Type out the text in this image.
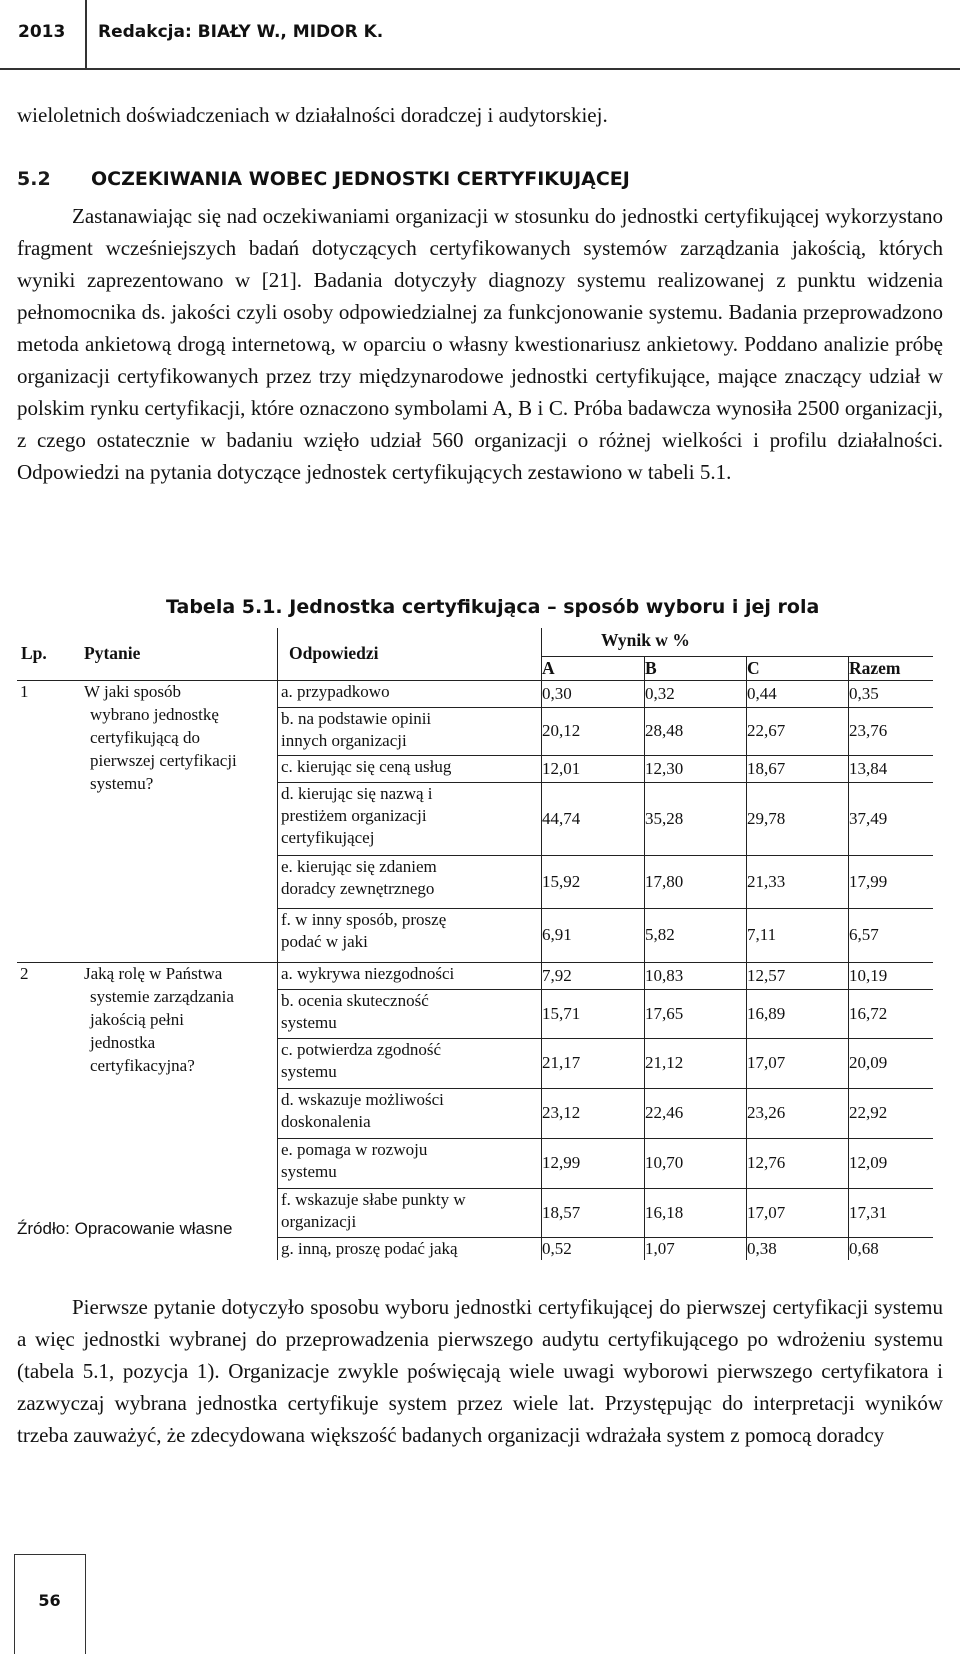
2013 Redakcja: BIAŁY W., MIDOR K.

wieloletnich doświadczeniach w działalności doradczej i audytorskiej.

5.2 OCZEKIWANIA WOBEC JEDNOSTKI CERTYFIKUJĄCEJ

Zastanawiając się nad oczekiwaniami organizacji w stosunku do jednostki certyfikującej wykorzystano fragment wcześniejszych badań dotyczących certyfikowanych systemów zarządzania jakością, których wyniki zaprezentowano w [21]. Badania dotyczyły diagnozy systemu realizowanej z punktu widzenia pełnomocnika ds. jakości czyli osoby odpowiedzialnej za funkcjonowanie systemu. Badania przeprowadzono metoda ankietową drogą internetową, w oparciu o własny kwestionariusz ankietowy. Poddano analizie próbę organizacji certyfikowanych przez trzy międzynarodowe jednostki certyfikujące, mające znaczący udział w polskim rynku certyfikacji, które oznaczono symbolami A, B i C. Próba badawcza wynosiła 2500 organizacji, z czego ostatecznie w badaniu wzięło udział 560 organizacji o różnej wielkości i profilu działalności. Odpowiedzi na pytania dotyczące jednostek certyfikujących zestawiono w tabeli 5.1.

Tabela 5.1. Jednostka certyfikująca – sposób wyboru i jej rola
Lp. Pytanie	Odpowiedzi
Wynik w %
A	B	C	Razem
1	W jaki sposób
wybrano jednostkę
certyfikującą do
pierwszej certyfikacji
systemu?
a. przypadkowo	0,30	0,32	0,44	0,35
b. na podstawie opinii
innych organizacji
20,12	28,48	22,67	23,76
c. kierując się ceną usług	12,01	12,30	18,67	13,84
d. kierując się nazwą i
prestiżem organizacji
certyfikującej
44,74	35,28	29,78	37,49
e. kierując się zdaniem
doradcy zewnętrznego	15,92	17,80	21,33	17,99
f. w inny sposób, proszę
podać w jaki	6,91	5,82	7,11	6,57
2	Jaką rolę w Państwa
systemie zarządzania
jakością pełni
jednostka
certyfikacyjna?
a. wykrywa niezgodności	7,92	10,83	12,57	10,19
b. ocenia skuteczność
systemu	15,71	17,65	16,89	16,72
c. potwierdza zgodność
systemu	21,17	21,12	17,07	20,09
d. wskazuje możliwości
doskonalenia	23,12	22,46	23,26	22,92
e. pomaga w rozwoju
systemu	12,99	10,70	12,76	12,09
f. wskazuje słabe punkty w
organizacji	18,57	16,18	17,07	17,31
g. inną, proszę podać jaką	0,52	1,07	0,38	0,68
Źródło: Opracowanie własne

Pierwsze pytanie dotyczyło sposobu wyboru jednostki certyfikującej do pierwszej certyfikacji systemu a więc jednostki wybranej do przeprowadzenia pierwszego audytu certyfikującego po wdrożeniu systemu (tabela 5.1, pozycja 1). Organizacje zwykle poświęcają wiele uwagi wyborowi pierwszego certyfikatora i zazwyczaj wybrana jednostka certyfikuje system przez wiele lat. Przystępując do interpretacji wyników trzeba zauważyć, że zdecydowana większość badanych organizacji wdrażała system z pomocą doradcy

56
